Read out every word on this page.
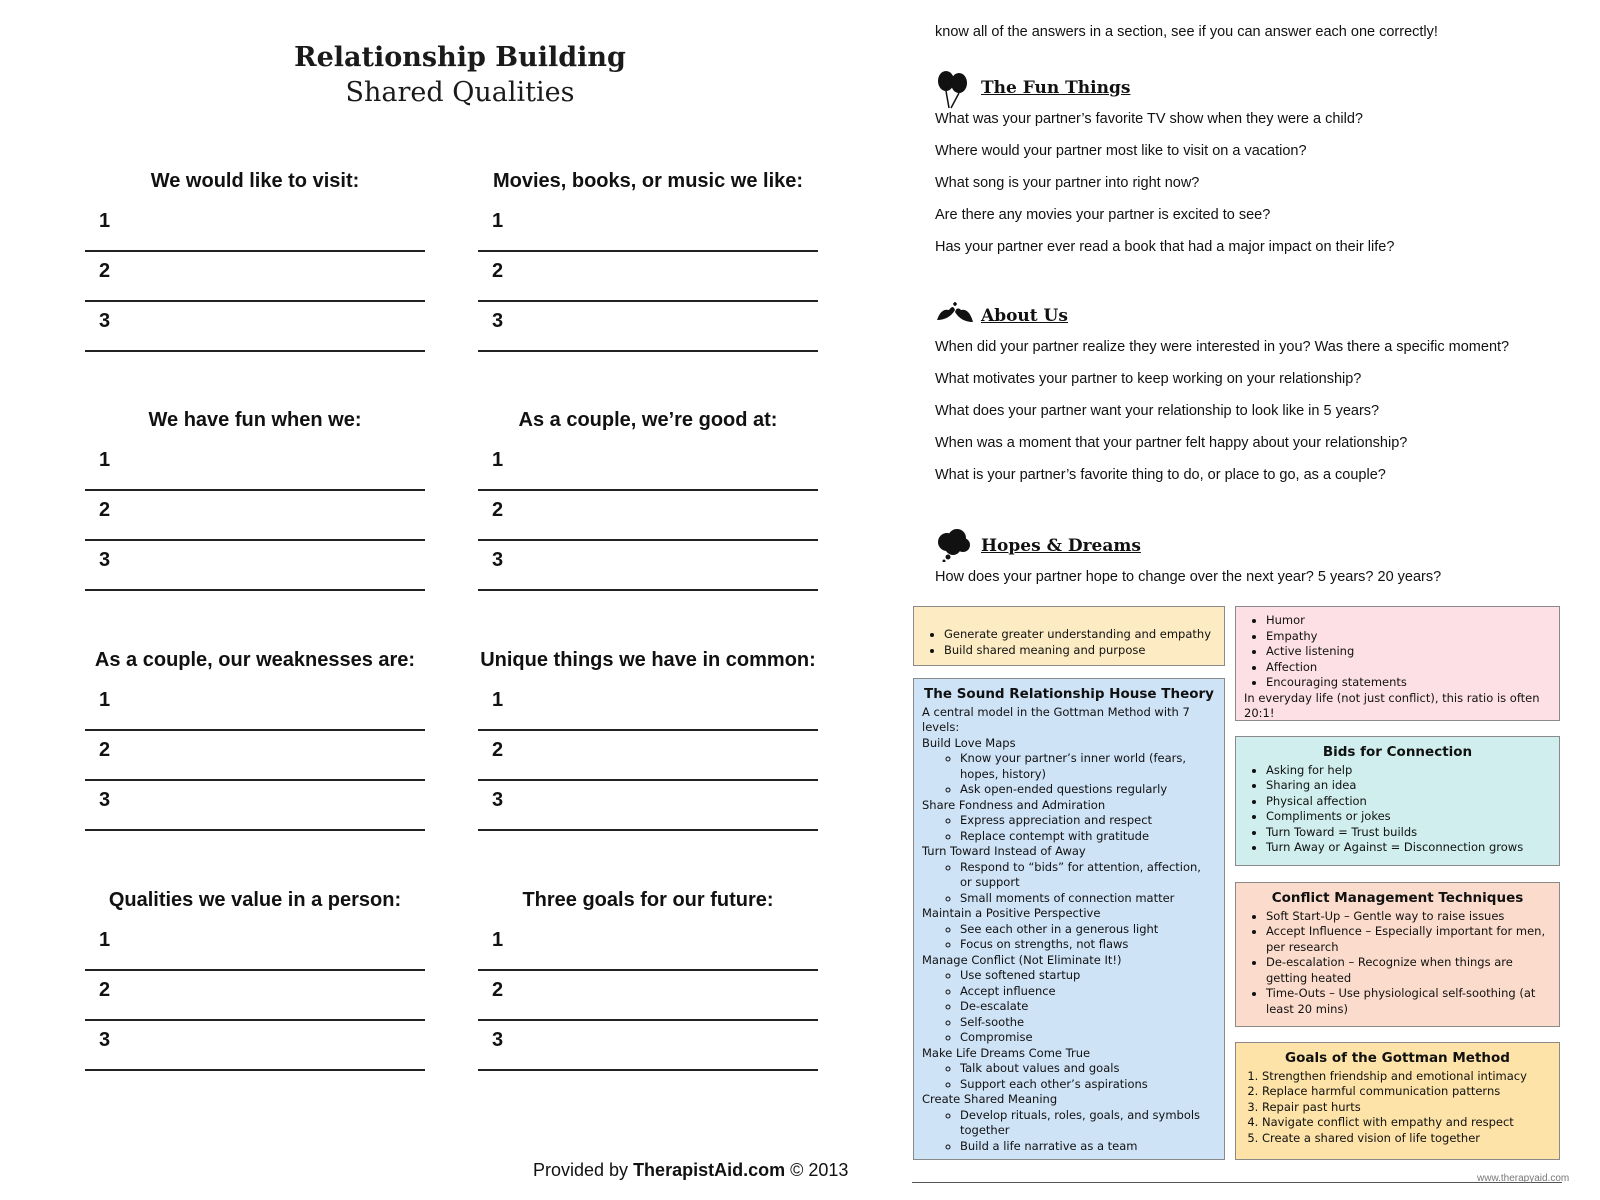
Relationship Building
Shared Qualities
We would like to visit:
1
2
3
Movies, books, or music we like:
1
2
3
We have fun when we:
1
2
3
As a couple, we’re good at:
1
2
3
As a couple, our weaknesses are:
1
2
3
Unique things we have in common:
1
2
3
Qualities we value in a person:
1
2
3
Three goals for our future:
1
2
3
Provided by TherapistAid.com © 2013
know all of the answers in a section, see if you can answer each one correctly!
The Fun Things
What was your partner’s favorite TV show when they were a child?
Where would your partner most like to visit on a vacation?
What song is your partner into right now?
Are there any movies your partner is excited to see?
Has your partner ever read a book that had a major impact on their life?
About Us
When did your partner realize they were interested in you? Was there a specific moment?
What motivates your partner to keep working on your relationship?
What does your partner want your relationship to look like in 5 years?
When was a moment that your partner felt happy about your relationship?
What is your partner’s favorite thing to do, or place to go, as a couple?
Hopes & Dreams
How does your partner hope to change over the next year? 5 years? 20 years?
• Generate greater understanding and empathy
• Build shared meaning and purpose
• Humor
• Empathy
• Active listening
• Affection
• Encouraging statements
In everyday life (not just conflict), this ratio is often 20:1!
The Sound Relationship House Theory
A central model in the Gottman Method with 7 levels:
Build Love Maps
◦ Know your partner’s inner world (fears, hopes, history)
◦ Ask open-ended questions regularly
Share Fondness and Admiration
◦ Express appreciation and respect
◦ Replace contempt with gratitude
Turn Toward Instead of Away
◦ Respond to “bids” for attention, affection, or support
◦ Small moments of connection matter
Maintain a Positive Perspective
◦ See each other in a generous light
◦ Focus on strengths, not flaws
Manage Conflict (Not Eliminate It!)
◦ Use softened startup
◦ Accept influence
◦ De-escalate
◦ Self-soothe
◦ Compromise
Make Life Dreams Come True
◦ Talk about values and goals
◦ Support each other’s aspirations
Create Shared Meaning
◦ Develop rituals, roles, goals, and symbols together
◦ Build a life narrative as a team
Bids for Connection
• Asking for help
• Sharing an idea
• Physical affection
• Compliments or jokes
• Turn Toward = Trust builds
• Turn Away or Against = Disconnection grows
Conflict Management Techniques
• Soft Start-Up – Gentle way to raise issues
• Accept Influence – Especially important for men, per research
• De-escalation – Recognize when things are getting heated
• Time-Outs – Use physiological self-soothing (at least 20 mins)
Goals of the Gottman Method
1. Strengthen friendship and emotional intimacy
2. Replace harmful communication patterns
3. Repair past hurts
4. Navigate conflict with empathy and respect
5. Create a shared vision of life together
www.therapyaid.com
